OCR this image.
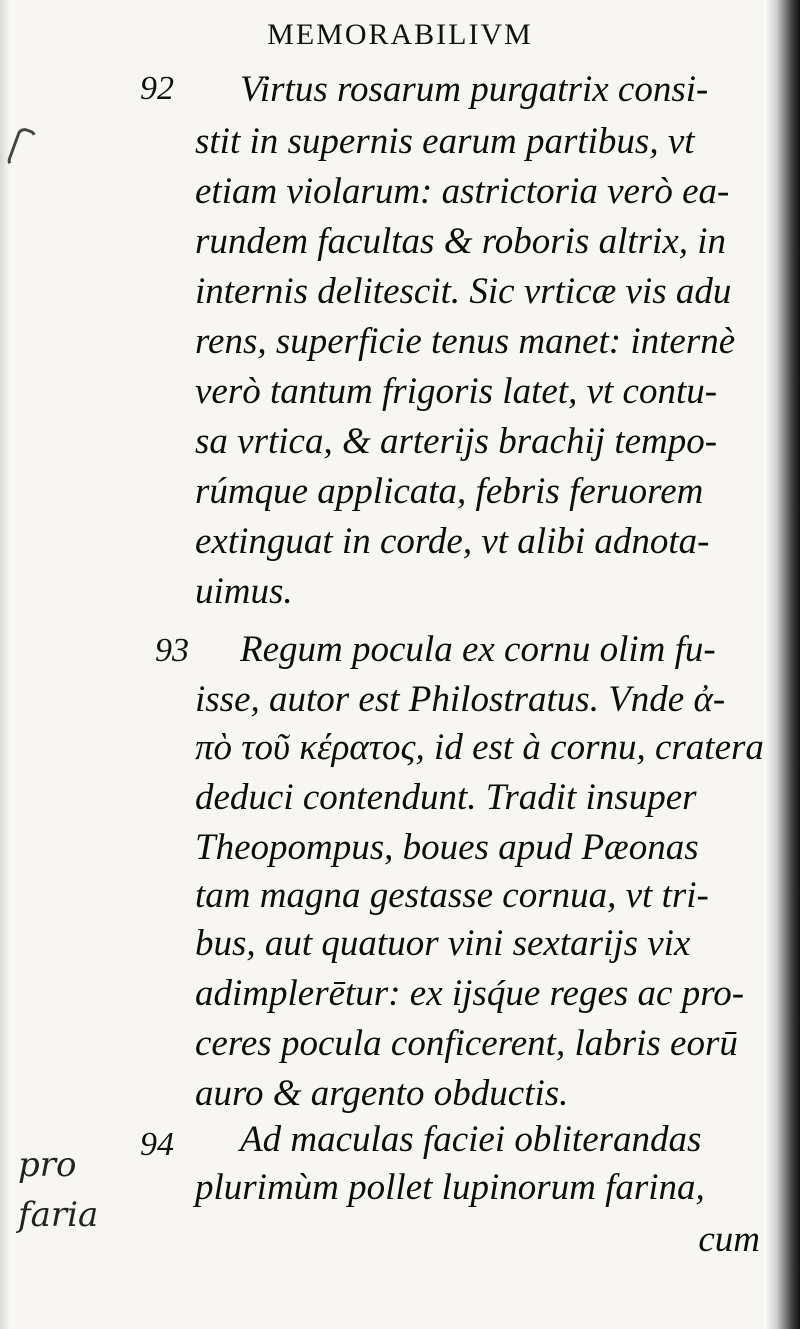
MEMORABILIVM
92 Virtus rosarum purgatrix consi-
stit in supernis earum partibus, vt
etiam violarum: astrictoria verò ea-
rundem facultas & roboris altrix, in
internis delitescit. Sic vrticæ vis adu
rens, superficie tenus manet: internè
verò tantum frigoris latet, vt contu-
sa vrtica, & arterijs brachij tempo-
rúmque applicata, febris feruorem
extinguat in corde, vt alibi adnota-
uimus.
93 Regum pocula ex cornu olim fu-
isse, autor est Philostratus. Vnde ἀ-
πὸ τοῦ κέρατος, id est à cornu, cratera
deduci contendunt. Tradit insuper
Theopompus, boues apud Pæonas
tam magna gestasse cornua, vt tri-
bus, aut quatuor vini sextarijs vix
adimplerētur: ex ijsq́ue reges ac pro-
ceres pocula conficerent, labris eorū
auro & argento obductis.
94 Ad maculas faciei obliterandas
plurimùm pollet lupinorum farina,
cum
pro
faria
